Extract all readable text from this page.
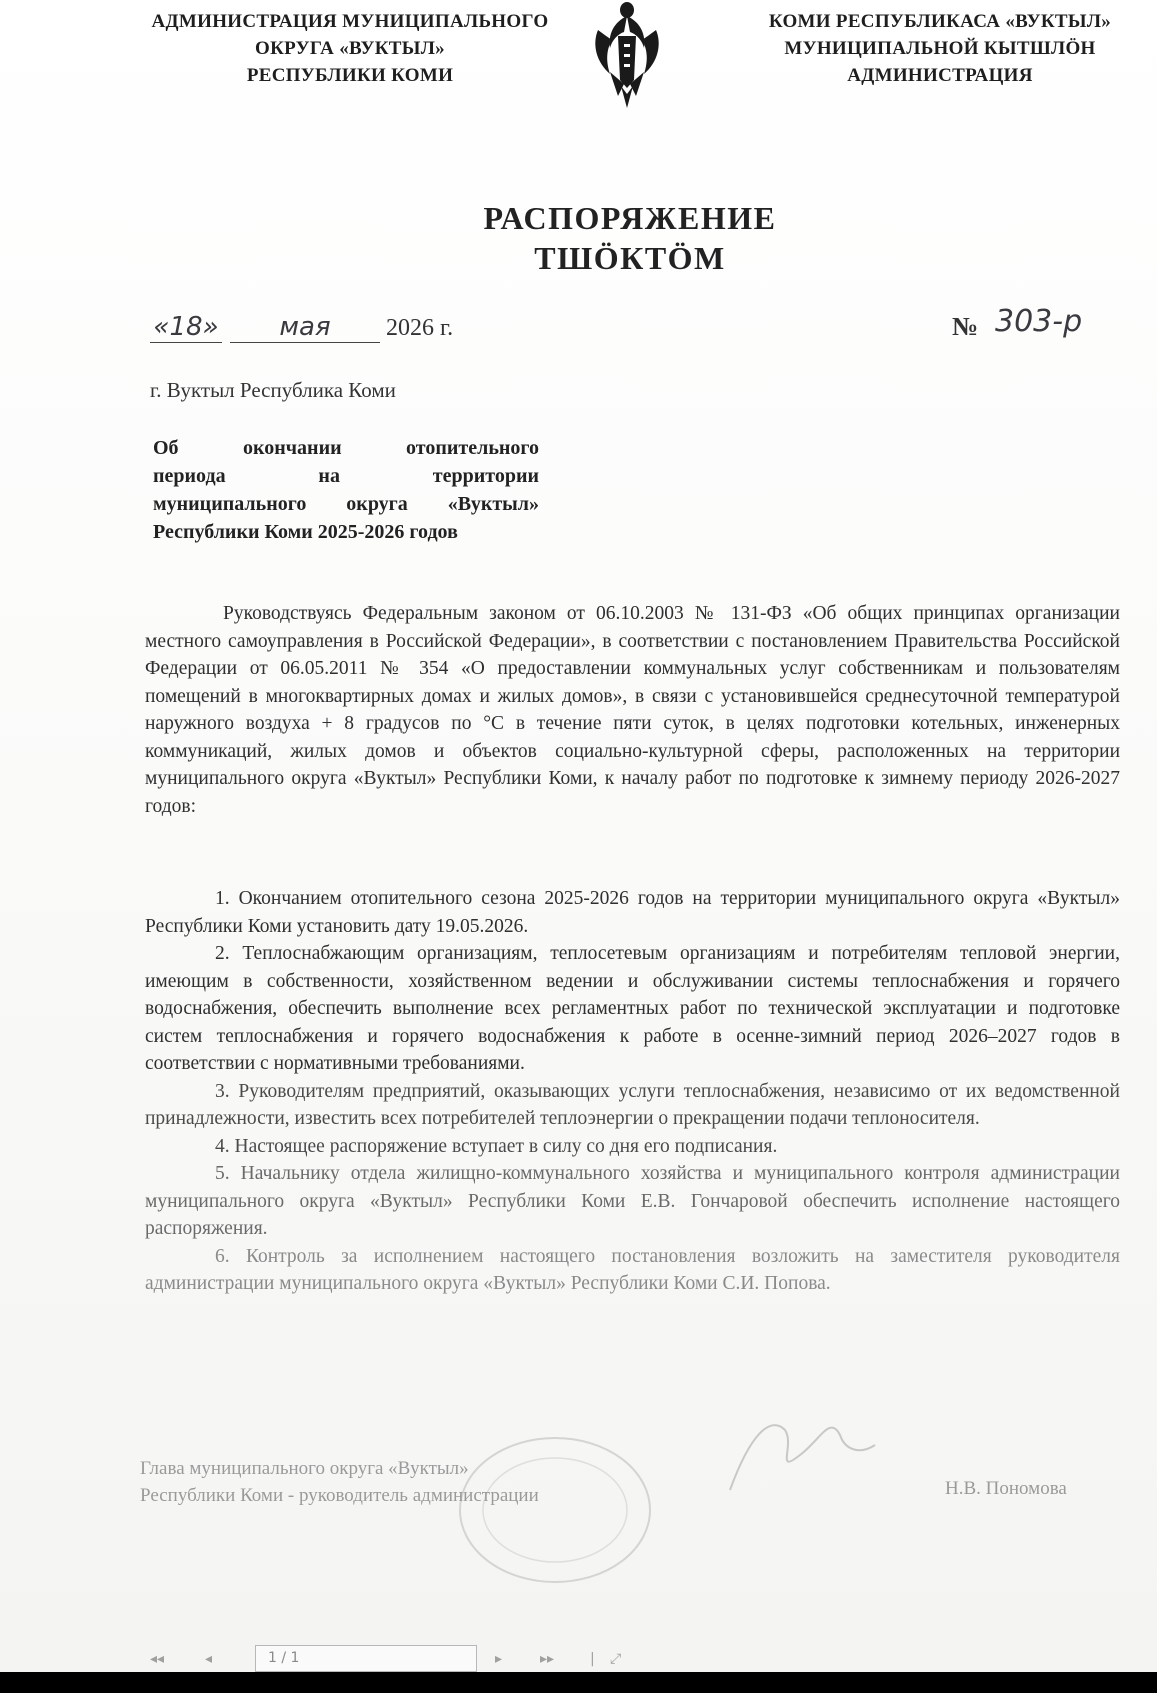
АДМИНИСТРАЦИЯ МУНИЦИПАЛЬНОГО
ОКРУГА «ВУКТЫЛ»
РЕСПУБЛИКИ КОМИ
КОМИ РЕСПУБЛИКАСА «ВУКТЫЛ»
МУНИЦИПАЛЬНОЙ КЫТШЛӦН
АДМИНИСТРАЦИЯ
РАСПОРЯЖЕНИЕ
ТШӦКТӦМ
«18» мая 2026 г.	№ 303-р
г. Вуктыл Республика Коми
Об окончании отопительного
периода на территории
муниципального округа «Вуктыл»
Республики Коми 2025-2026 годов
Руководствуясь Федеральным законом от 06.10.2003 № 131-ФЗ «Об общих принципах организации местного самоуправления в Российской Федерации», в соответствии с постановлением Правительства Российской Федерации от 06.05.2011 № 354 «О предоставлении коммунальных услуг собственникам и пользователям помещений в многоквартирных домах и жилых домов», в связи с установившейся среднесуточной температурой наружного воздуха + 8 градусов по °С в течение пяти суток, в целях подготовки котельных, инженерных коммуникаций, жилых домов и объектов социально-культурной сферы, расположенных на территории муниципального округа «Вуктыл» Республики Коми, к началу работ по подготовке к зимнему периоду 2026-2027 годов:

1. Окончанием отопительного сезона 2025-2026 годов на территории муниципального округа «Вуктыл» Республики Коми установить дату 19.05.2026.

2. Теплоснабжающим организациям, теплосетевым организациям и потребителям тепловой энергии, имеющим в собственности, хозяйственном ведении и обслуживании системы теплоснабжения и горячего водоснабжения, обеспечить выполнение всех регламентных работ по технической эксплуатации и подготовке систем теплоснабжения и горячего водоснабжения к работе в осенне-зимний период 2026–2027 годов в соответствии с нормативными требованиями.

3. Руководителям предприятий, оказывающих услуги теплоснабжения, независимо от их ведомственной принадлежности, известить всех потребителей теплоэнергии о прекращении подачи теплоносителя.

4. Настоящее распоряжение вступает в силу со дня его подписания.

5. Начальнику отдела жилищно-коммунального хозяйства и муниципального контроля администрации муниципального округа «Вуктыл» Республики Коми Е.В. Гончаровой обеспечить исполнение настоящего распоряжения.

6. Контроль за исполнением настоящего постановления возложить на заместителя руководителя администрации муниципального округа «Вуктыл» Республики Коми С.И. Попова.

Глава муниципального округа «Вуктыл»
Республики Коми - руководитель администрации	Н.В. Пономова
◂◂	◂	1 / 1	▸	▸▸	| ⤢
